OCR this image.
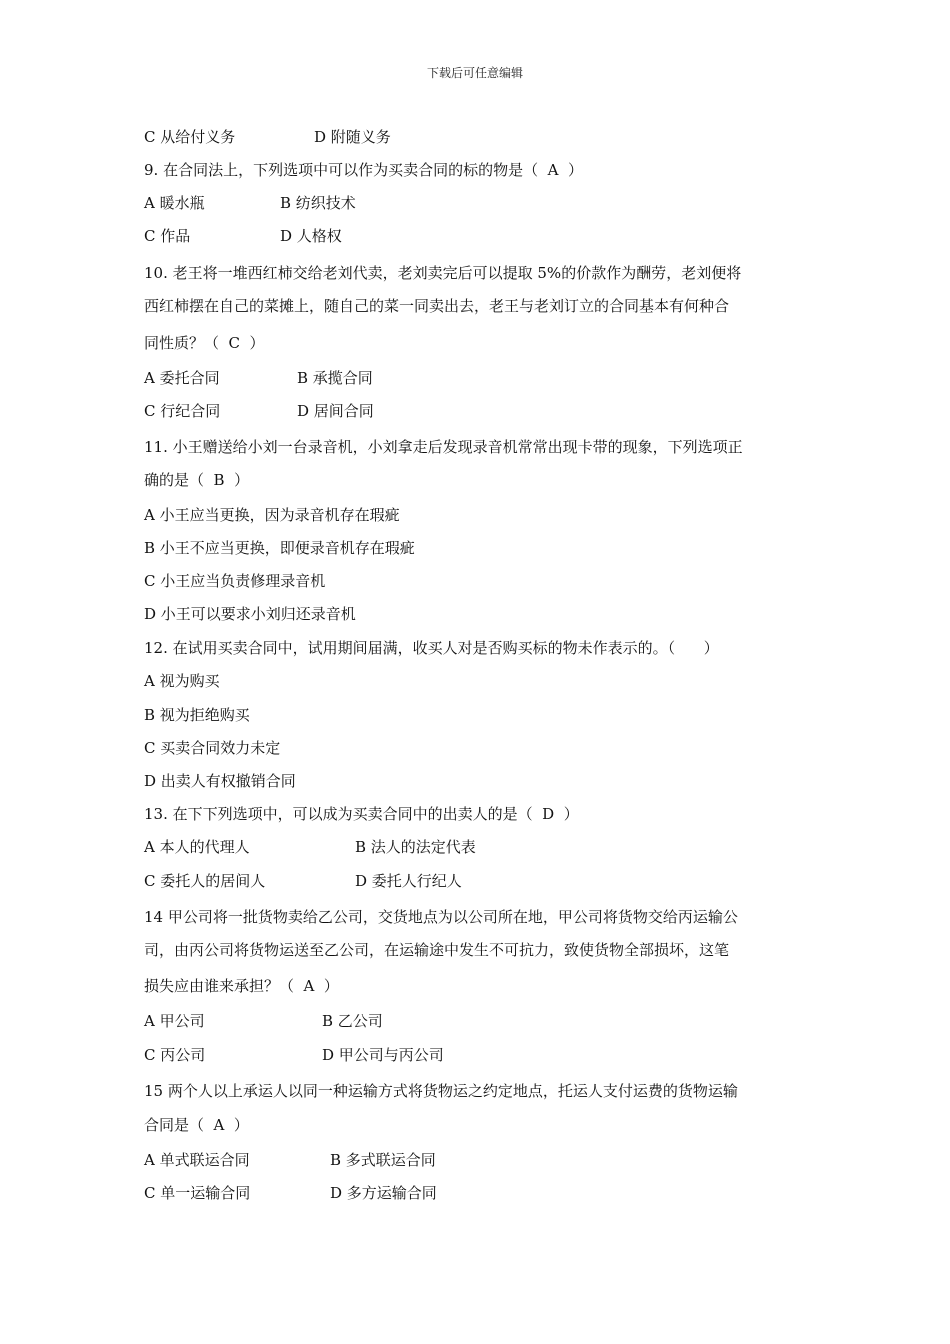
下载后可任意编辑
C 从给付义务	D 附随义务
9. 在合同法上，下列选项中可以作为买卖合同的标的物是（  A  ）
A 暖水瓶	B 纺织技术
C 作品	D 人格权
10. 老王将一堆西红柿交给老刘代卖，老刘卖完后可以提取 5%的价款作为酬劳，老刘便将
西红柿摆在自己的菜摊上，随自己的菜一同卖出去，老王与老刘订立的合同基本有何种合
同性质？（  C  ）
A 委托合同	B 承揽合同
C 行纪合同	D 居间合同
11. 小王赠送给小刘一台录音机，小刘拿走后发现录音机常常出现卡带的现象，下列选项正
确的是（  B  ）
A 小王应当更换，因为录音机存在瑕疵
B 小王不应当更换，即便录音机存在瑕疵
C 小王应当负责修理录音机
D 小王可以要求小刘归还录音机
12. 在试用买卖合同中，试用期间届满，收买人对是否购买标的物未作表示的。（      ）
A 视为购买
B 视为拒绝购买
C 买卖合同效力未定
D 出卖人有权撤销合同
13. 在下下列选项中，可以成为买卖合同中的出卖人的是（  D  ）
A 本人的代理人	B 法人的法定代表
C 委托人的居间人	D 委托人行纪人
14 甲公司将一批货物卖给乙公司，交货地点为以公司所在地，甲公司将货物交给丙运输公
司，由丙公司将货物运送至乙公司，在运输途中发生不可抗力，致使货物全部损坏，这笔
损失应由谁来承担？（  A  ）
A 甲公司	B 乙公司
C 丙公司	D 甲公司与丙公司
15 两个人以上承运人以同一种运输方式将货物运之约定地点，托运人支付运费的货物运输
合同是（  A  ）
A 单式联运合同	B 多式联运合同
C 单一运输合同	D 多方运输合同
